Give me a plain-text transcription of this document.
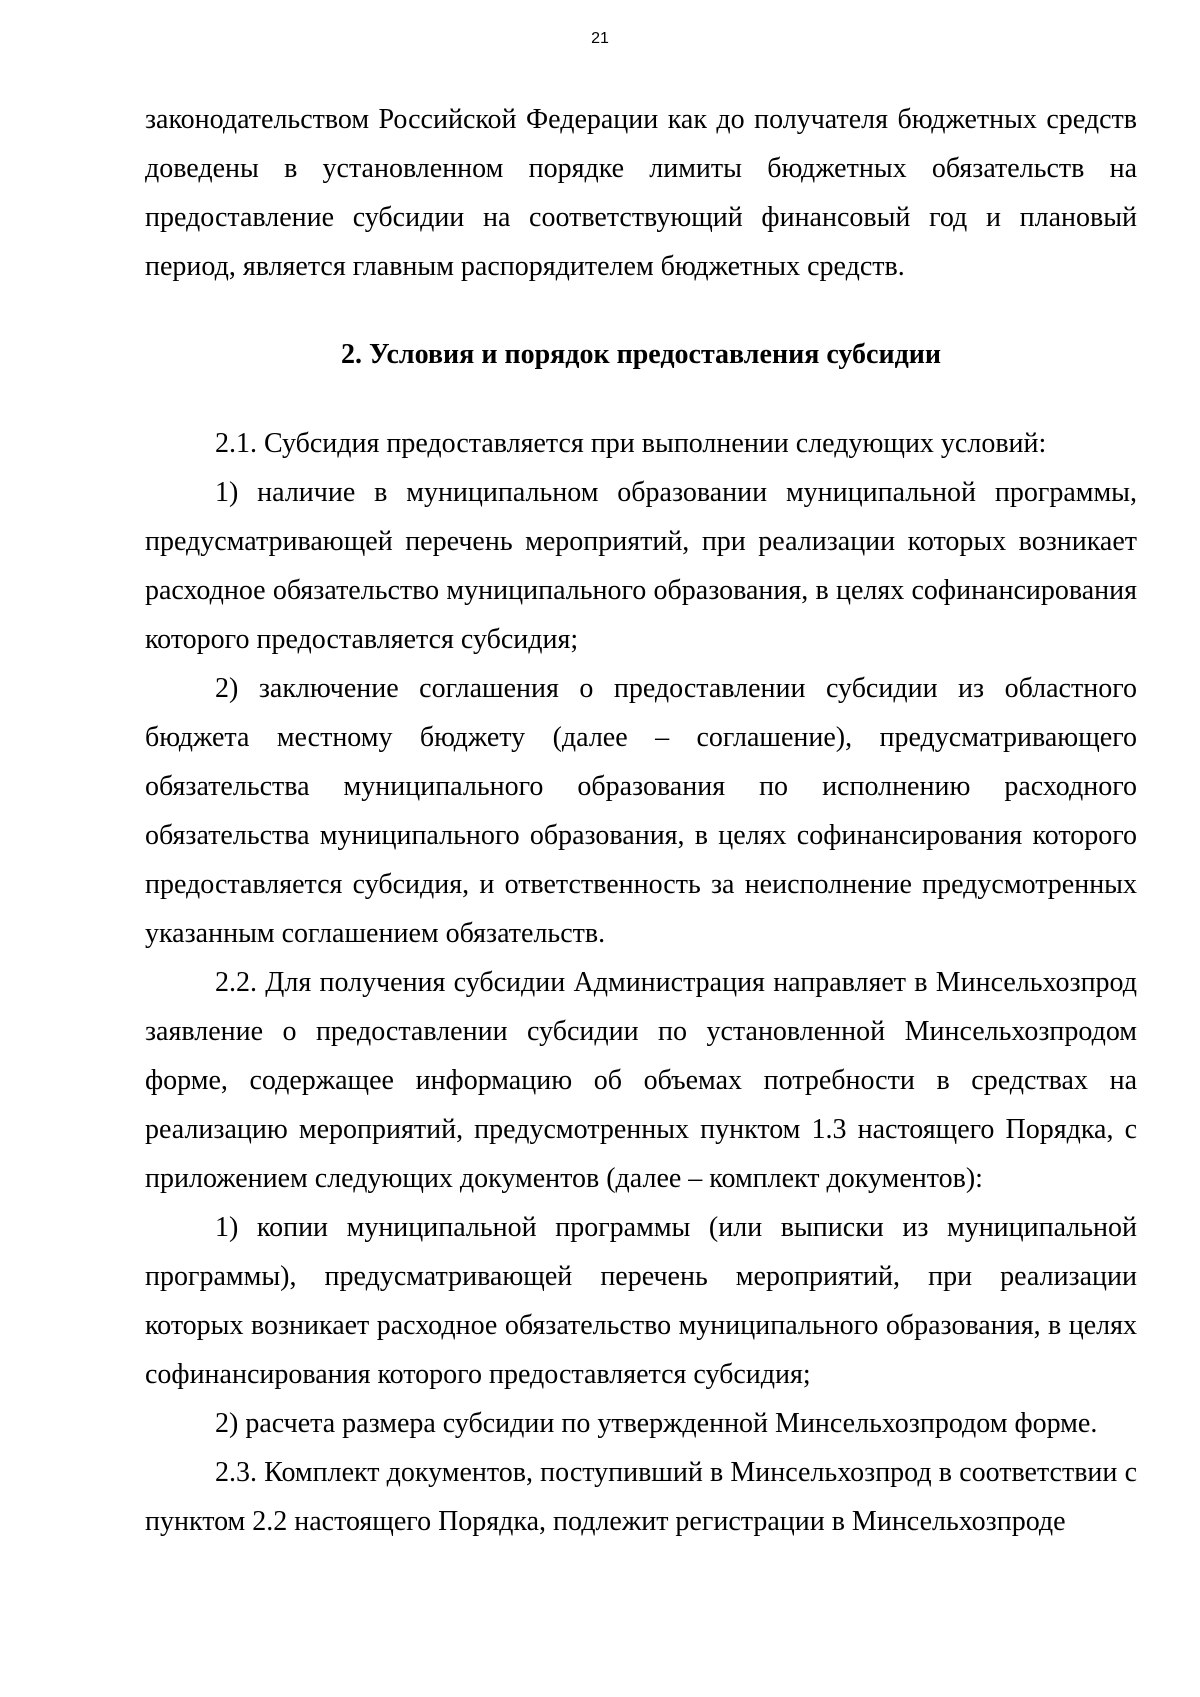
21

законодательством Российской Федерации как до получателя бюджетных средств доведены в установленном порядке лимиты бюджетных обязательств на предоставление субсидии на соответствующий финансовый год и плановый период, является главным распорядителем бюджетных средств.

2. Условия и порядок предоставления субсидии

2.1. Субсидия предоставляется при выполнении следующих условий:

1) наличие в муниципальном образовании муниципальной программы, предусматривающей перечень мероприятий, при реализации которых возникает расходное обязательство муниципального образования, в целях софинансирования которого предоставляется субсидия;

2) заключение соглашения о предоставлении субсидии из областного бюджета местному бюджету (далее – соглашение), предусматривающего обязательства муниципального образования по исполнению расходного обязательства муниципального образования, в целях софинансирования которого предоставляется субсидия, и ответственность за неисполнение предусмотренных указанным соглашением обязательств.

2.2. Для получения субсидии Администрация направляет в Минсельхозпрод заявление о предоставлении субсидии по установленной Минсельхозпродом форме, содержащее информацию об объемах потребности в средствах на реализацию мероприятий, предусмотренных пунктом 1.3 настоящего Порядка, с приложением следующих документов (далее – комплект документов):

1) копии муниципальной программы (или выписки из муниципальной программы), предусматривающей перечень мероприятий, при реализации которых возникает расходное обязательство муниципального образования, в целях софинансирования которого предоставляется субсидия;

2) расчета размера субсидии по утвержденной Минсельхозпродом форме.

2.3. Комплект документов, поступивший в Минсельхозпрод в соответствии с пунктом 2.2 настоящего Порядка, подлежит регистрации в Минсельхозпроде
